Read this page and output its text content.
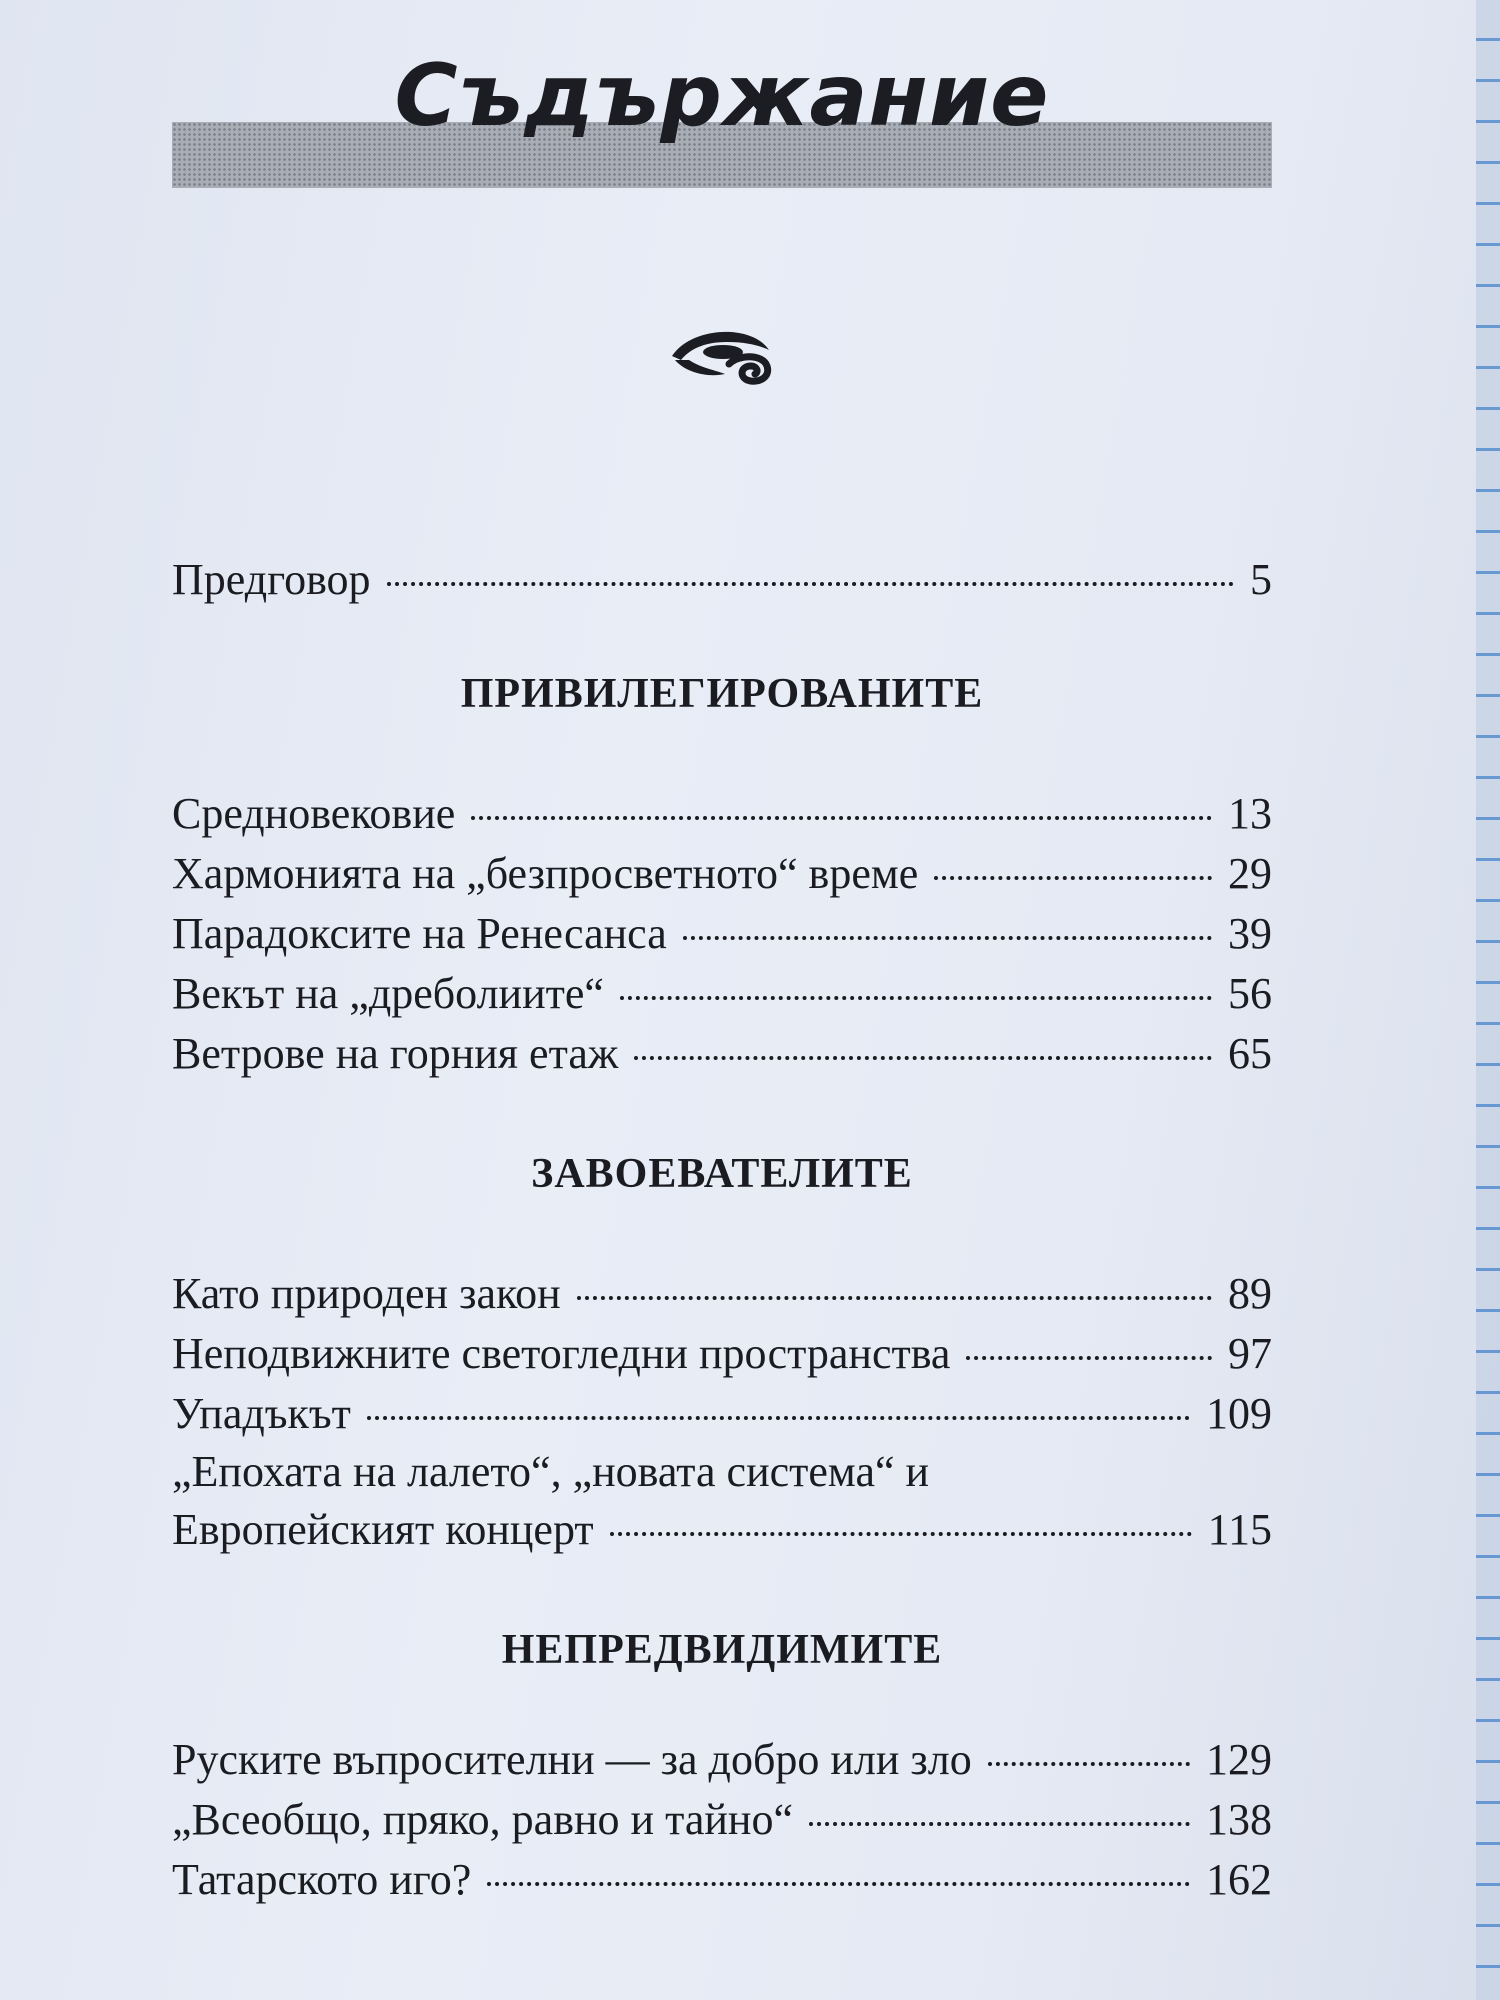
Съдържание
Предговор	5
ПРИВИЛЕГИРОВАНИТЕ
Средновековие	13
Хармонията на „безпросветното“ време	29
Парадоксите на Ренесанса	39
Векът на „дреболиите“	56
Ветрове на горния етаж	65
ЗАВОЕВАТЕЛИТЕ
Като природен закон	89
Неподвижните светогледни пространства	97
Упадъкът	109
„Епохата на лалето“, „новата система“ и
Европейският концерт	115
НЕПРЕДВИДИМИТЕ
Руските въпросителни — за добро или зло	129
„Всеобщо, пряко, равно и тайно“	138
Татарското иго?	162
